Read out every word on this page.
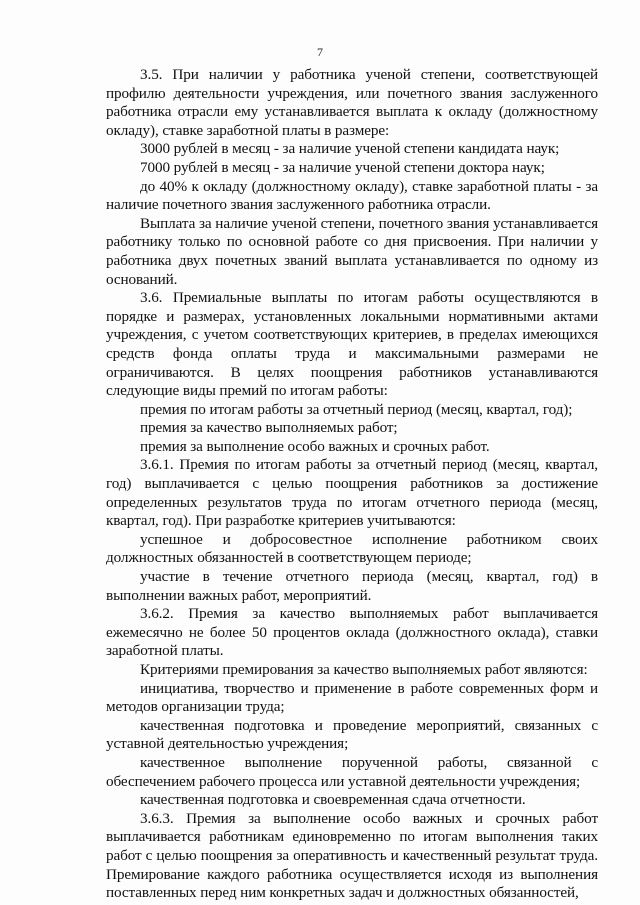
7

3.5. При наличии у работника ученой степени, соответствующей профилю деятельности учреждения, или почетного звания заслуженного работника отрасли ему устанавливается выплата к окладу (должностному окладу), ставке заработной платы в размере:

3000 рублей в месяц - за наличие ученой степени кандидата наук;

7000 рублей в месяц - за наличие ученой степени доктора наук;

до 40% к окладу (должностному окладу), ставке заработной платы - за наличие почетного звания заслуженного работника отрасли.

Выплата за наличие ученой степени, почетного звания устанавливается работнику только по основной работе со дня присвоения. При наличии у работника двух почетных званий выплата устанавливается по одному из оснований.

3.6. Премиальные выплаты по итогам работы осуществляются в порядке и размерах, установленных локальными нормативными актами учреждения, с учетом соответствующих критериев, в пределах имеющихся средств фонда оплаты труда и максимальными размерами не ограничиваются. В целях поощрения работников устанавливаются следующие виды премий по итогам работы:

премия по итогам работы за отчетный период (месяц, квартал, год);

премия за качество выполняемых работ;

премия за выполнение особо важных и срочных работ.

3.6.1. Премия по итогам работы за отчетный период (месяц, квартал, год) выплачивается с целью поощрения работников за достижение определенных результатов труда по итогам отчетного периода (месяц, квартал, год). При разработке критериев учитываются:

успешное и добросовестное исполнение работником своих должностных обязанностей в соответствующем периоде;

участие в течение отчетного периода (месяц, квартал, год) в выполнении важных работ, мероприятий.

3.6.2. Премия за качество выполняемых работ выплачивается ежемесячно не более 50 процентов оклада (должностного оклада), ставки заработной платы.

Критериями премирования за качество выполняемых работ являются:

инициатива, творчество и применение в работе современных форм и методов организации труда;

качественная подготовка и проведение мероприятий, связанных с уставной деятельностью учреждения;

качественное выполнение порученной работы, связанной с обеспечением рабочего процесса или уставной деятельности учреждения;

качественная подготовка и своевременная сдача отчетности.

3.6.3. Премия за выполнение особо важных и срочных работ выплачивается работникам единовременно по итогам выполнения таких работ с целью поощрения за оперативность и качественный результат труда. Премирование каждого работника осуществляется исходя из выполнения поставленных перед ним конкретных задач и должностных обязанностей,
